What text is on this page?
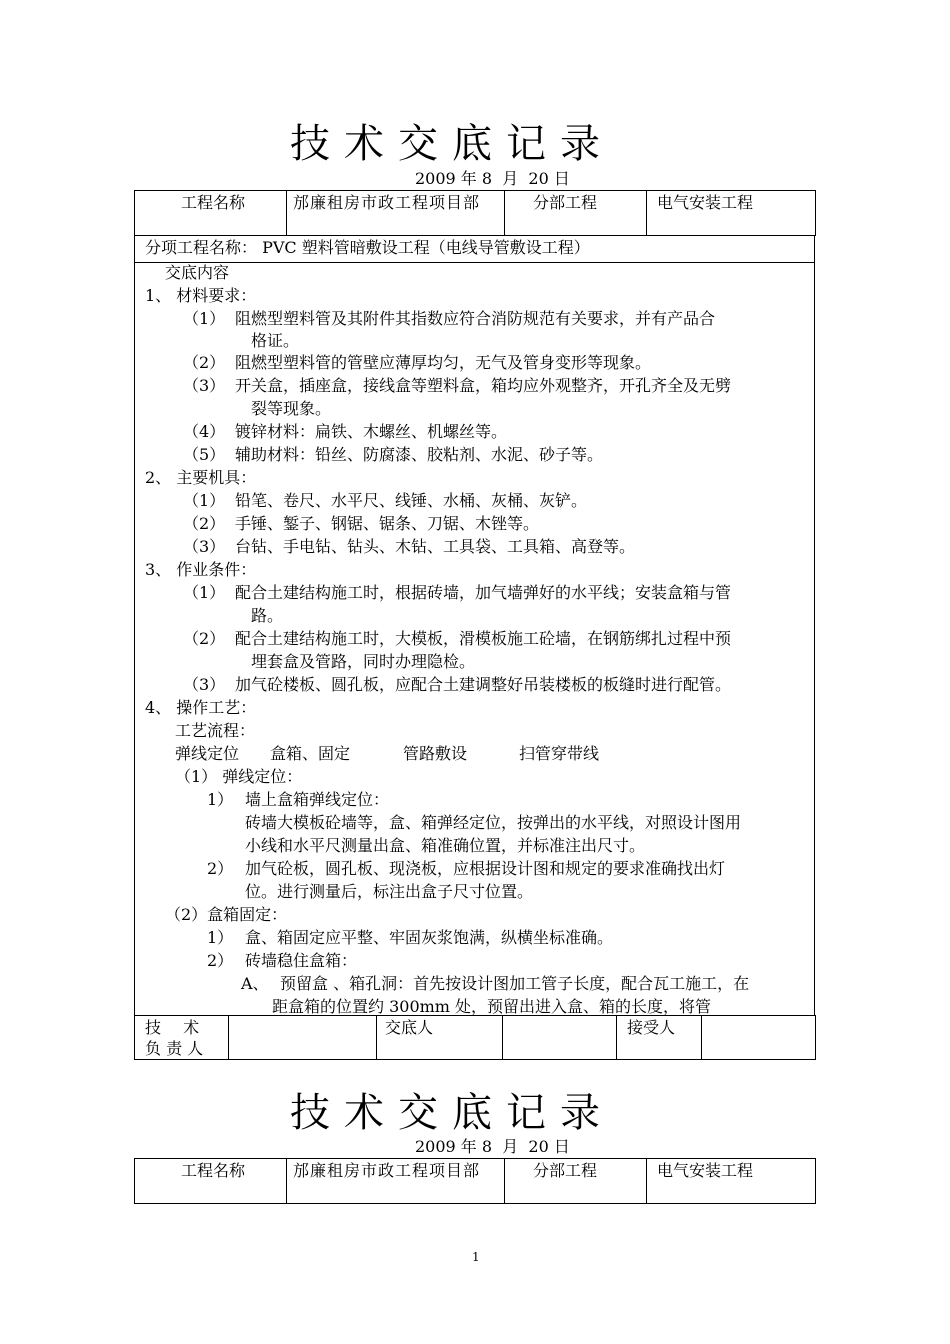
技术交底记录
2009 年 8  月  20 日
工程名称	邡廉租房市政工程项目部	分部工程	电气安装工程
分项工程名称： PVC 塑料管暗敷设工程（电线导管敷设工程）
交底内容
1、 材料要求：
（1） 阻燃型塑料管及其附件其指数应符合消防规范有关要求，并有产品合
格证。
（2） 阻燃型塑料管的管壁应薄厚均匀，无气及管身变形等现象。
（3） 开关盒，插座盒，接线盒等塑料盒，箱均应外观整齐，开孔齐全及无劈
裂等现象。
（4） 镀锌材料：扁铁、木螺丝、机螺丝等。
（5） 辅助材料：铅丝、防腐漆、胶粘剂、水泥、砂子等。
2、 主要机具：
（1） 铅笔、卷尺、水平尺、线锤、水桶、灰桶、灰铲。
（2） 手锤、錾子、钢锯、锯条、刀锯、木锉等。
（3） 台钻、手电钻、钻头、木钻、工具袋、工具箱、高登等。
3、 作业条件：
（1） 配合土建结构施工时，根据砖墙，加气墙弹好的水平线；安装盒箱与管
路。
（2） 配合土建结构施工时，大模板，滑模板施工砼墙，在钢筋绑扎过程中预
埋套盒及管路，同时办理隐检。
（3） 加气砼楼板、圆孔板，应配合土建调整好吊装楼板的板缝时进行配管。
4、 操作工艺：
工艺流程：
弹线定位 盒箱、固定	管路敷设	扫管穿带线
（1） 弹线定位：
1） 墙上盒箱弹线定位：
砖墙大模板砼墙等，盒、箱弹经定位，按弹出的水平线，对照设计图用
小线和水平尺测量出盒、箱准确位置，并标准注出尺寸。
2） 加气砼板，圆孔板、现浇板，应根据设计图和规定的要求准确找出灯
位。进行测量后，标注出盒子尺寸位置。
（2）盒箱固定：
1） 盒、箱固定应平整、牢固灰浆饱满，纵横坐标准确。
2） 砖墙稳住盒箱：
A、 预留盒 、箱孔洞：首先按设计图加工管子长度，配合瓦工施工，在
距盒箱的位置约 300mm 处，预留出进入盒、箱的长度，将管
技  术
负 责 人
		交底人		接受人	
技术交底记录
2009 年 8  月  20 日
工程名称	邡廉租房市政工程项目部	分部工程	电气安装工程
1
